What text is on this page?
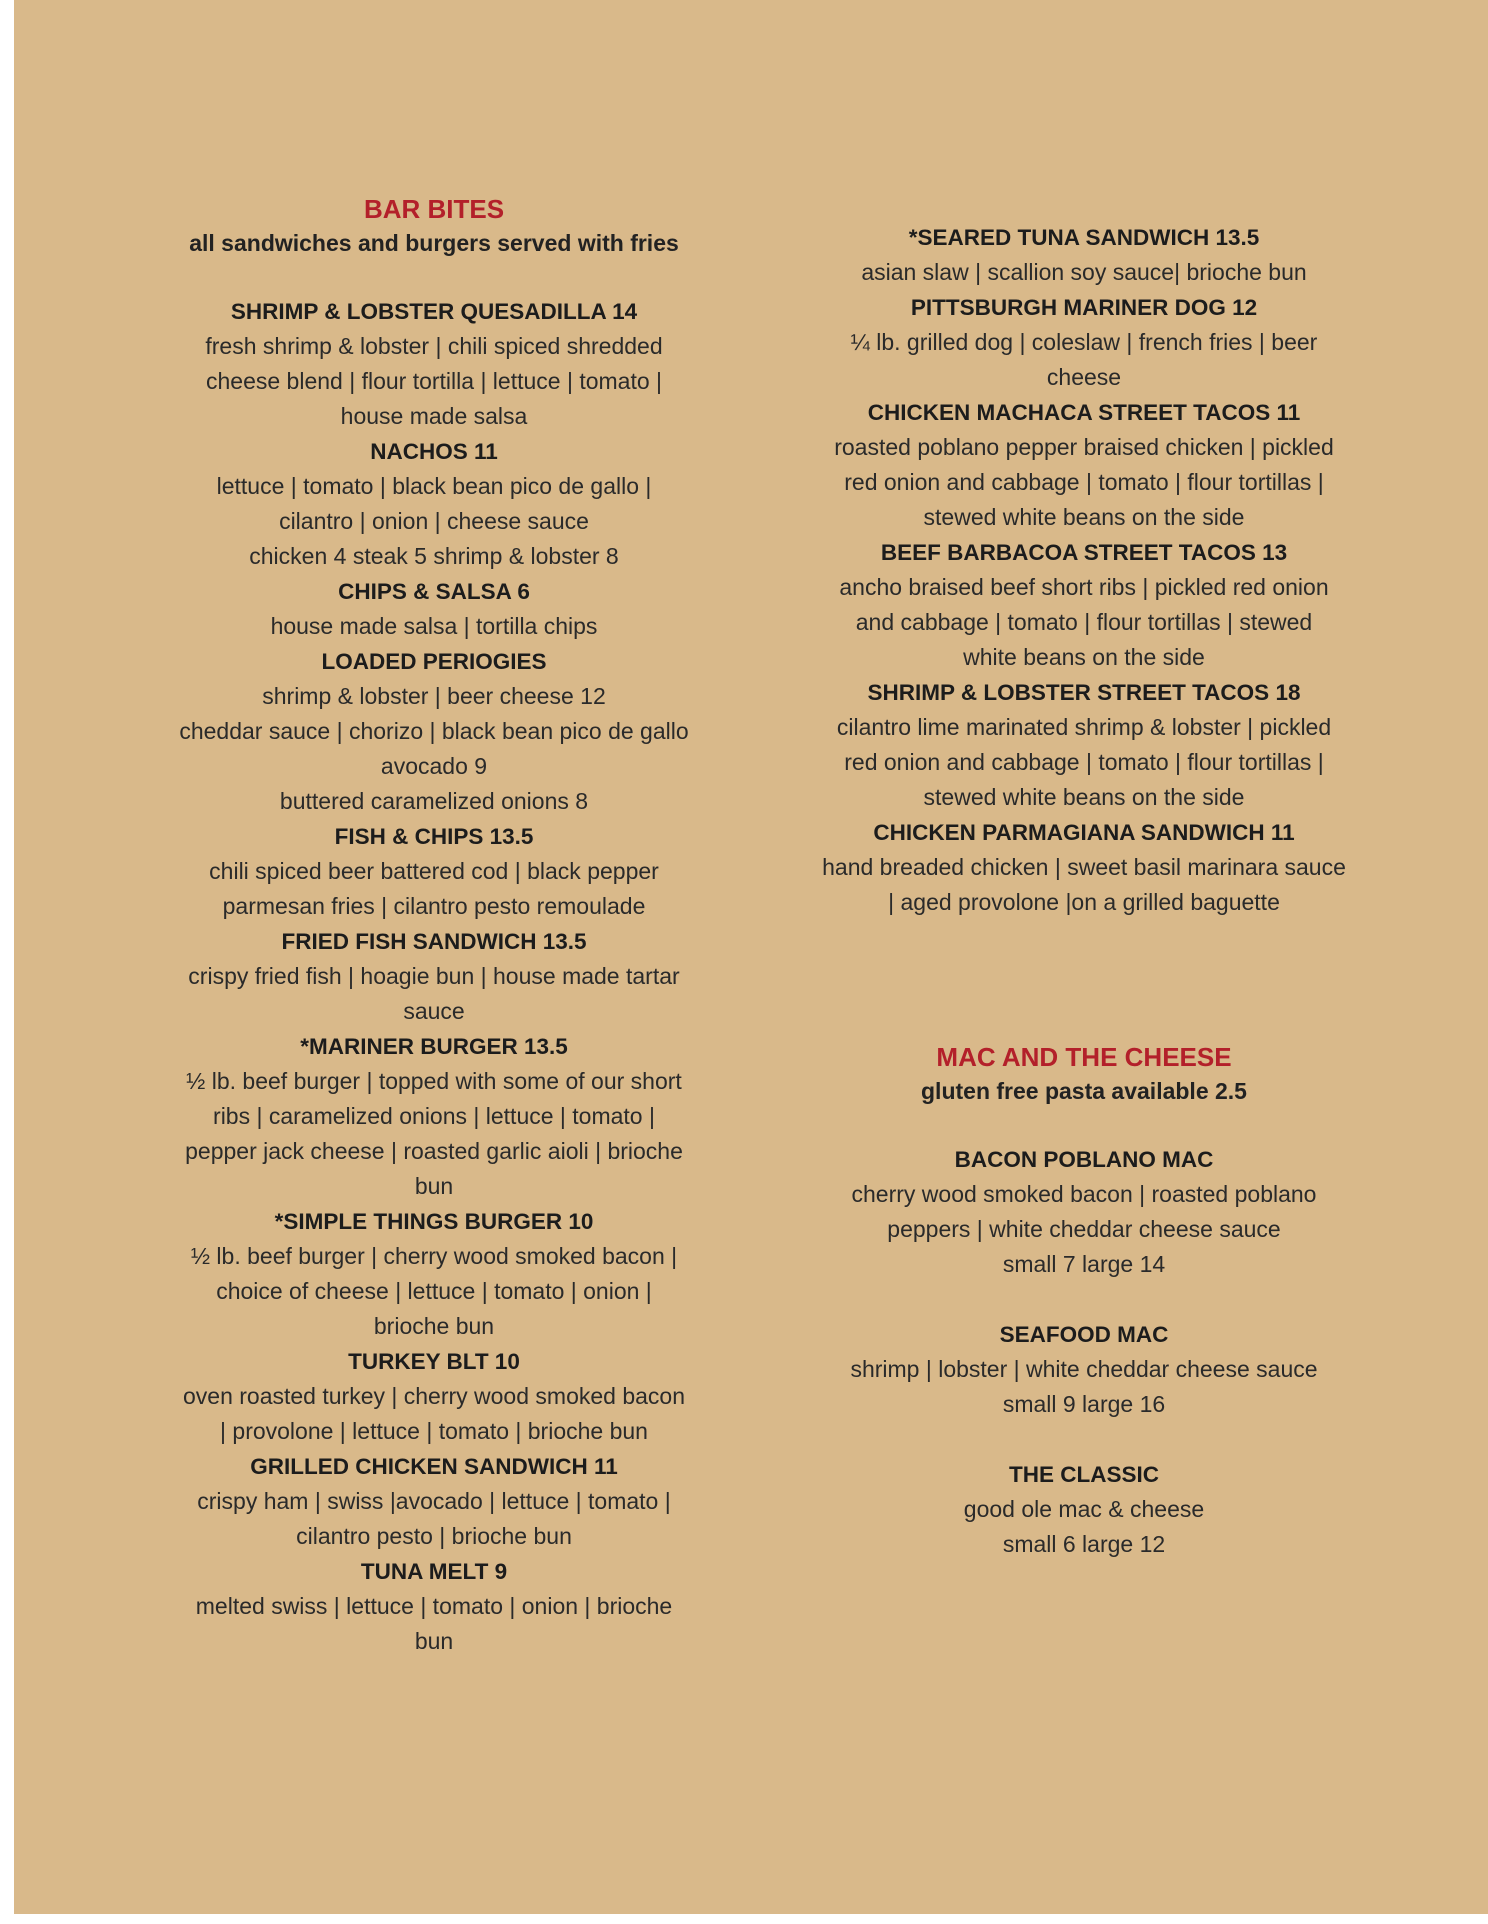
BAR BITES

all sandwiches and burgers served with fries

SHRIMP & LOBSTER QUESADILLA 14

fresh shrimp & lobster | chili spiced shredded

cheese blend | flour tortilla | lettuce | tomato |

house made salsa

NACHOS 11

lettuce | tomato | black bean pico de gallo |

cilantro | onion | cheese sauce

chicken 4 steak 5 shrimp & lobster 8

CHIPS & SALSA 6

house made salsa | tortilla chips

LOADED PERIOGIES

shrimp & lobster | beer cheese 12

cheddar sauce | chorizo | black bean pico de gallo

avocado 9

buttered caramelized onions 8

FISH & CHIPS 13.5

chili spiced beer battered cod | black pepper

parmesan fries | cilantro pesto remoulade

FRIED FISH SANDWICH 13.5

crispy fried fish | hoagie bun | house made tartar

sauce

*MARINER BURGER 13.5

½ lb. beef burger | topped with some of our short

ribs | caramelized onions | lettuce | tomato |

pepper jack cheese | roasted garlic aioli | brioche

bun

*SIMPLE THINGS BURGER 10

½ lb. beef burger | cherry wood smoked bacon |

choice of cheese | lettuce | tomato | onion |

brioche bun

TURKEY BLT 10

oven roasted turkey | cherry wood smoked bacon

| provolone | lettuce | tomato | brioche bun

GRILLED CHICKEN SANDWICH 11

crispy ham | swiss |avocado | lettuce | tomato |

cilantro pesto | brioche bun

TUNA MELT 9

melted swiss | lettuce | tomato | onion | brioche

bun

*SEARED TUNA SANDWICH 13.5

asian slaw | scallion soy sauce| brioche bun

PITTSBURGH MARINER DOG 12

¼ lb. grilled dog | coleslaw | french fries | beer

cheese

CHICKEN MACHACA STREET TACOS 11

roasted poblano pepper braised chicken | pickled

red onion and cabbage | tomato | flour tortillas |

stewed white beans on the side

BEEF BARBACOA STREET TACOS 13

ancho braised beef short ribs | pickled red onion

and cabbage | tomato | flour tortillas | stewed

white beans on the side

SHRIMP & LOBSTER STREET TACOS 18

cilantro lime marinated shrimp & lobster | pickled

red onion and cabbage | tomato | flour tortillas |

stewed white beans on the side

CHICKEN PARMAGIANA SANDWICH 11

hand breaded chicken | sweet basil marinara sauce

| aged provolone |on a grilled baguette

MAC AND THE CHEESE

gluten free pasta available 2.5

BACON POBLANO MAC

cherry wood smoked bacon | roasted poblano

peppers | white cheddar cheese sauce

small 7 large 14

SEAFOOD MAC

shrimp | lobster | white cheddar cheese sauce

small 9 large 16

THE CLASSIC

good ole mac & cheese

small 6 large 12
